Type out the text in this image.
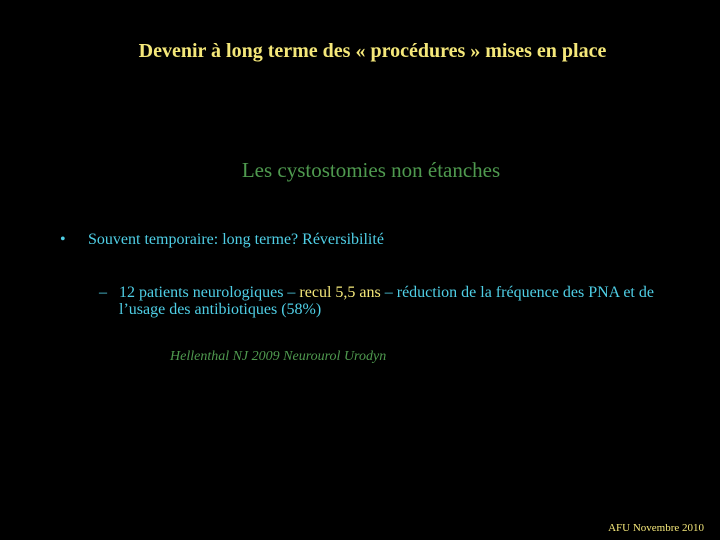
Devenir à long terme des « procédures » mises en place
Les cystostomies non étanches
• Souvent temporaire: long terme? Réversibilité
– 12 patients neurologiques – recul 5,5 ans – réduction de la fréquence des PNA et de l’usage des antibiotiques (58%)
Hellenthal NJ 2009 Neurourol Urodyn
AFU Novembre 2010
